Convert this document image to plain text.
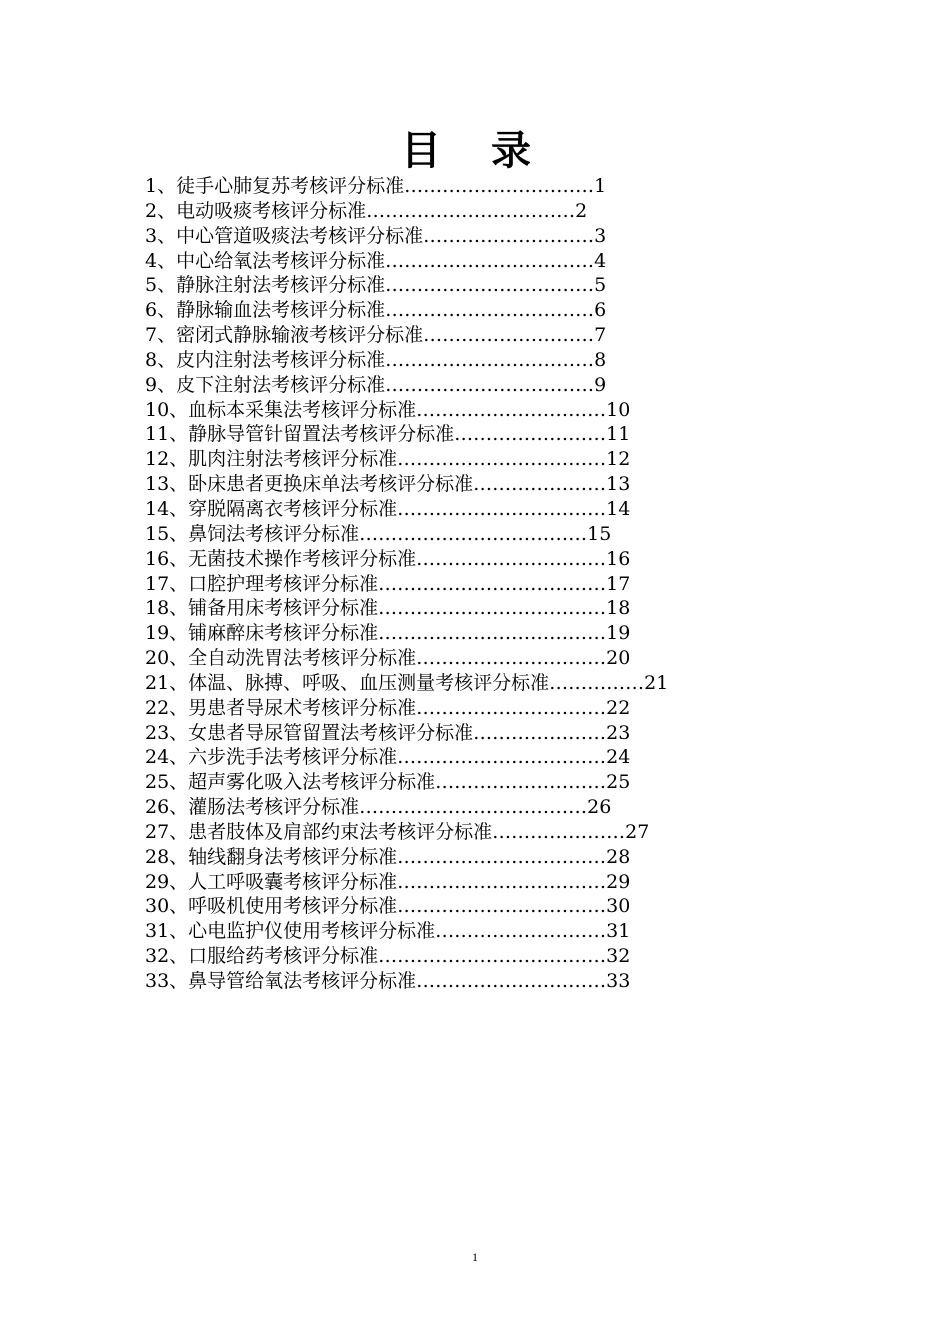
目 录
1、徒手心肺复苏考核评分标准…………………………1
2、电动吸痰考核评分标准……………………………2
3、中心管道吸痰法考核评分标准………………………3
4、中心给氧法考核评分标准……………………………4
5、静脉注射法考核评分标准……………………………5
6、静脉输血法考核评分标准……………………………6
7、密闭式静脉输液考核评分标准………………………7
8、皮内注射法考核评分标准……………………………8
9、皮下注射法考核评分标准……………………………9
10、血标本采集法考核评分标准…………………………10
11、静脉导管针留置法考核评分标准……………………11
12、肌肉注射法考核评分标准……………………………12
13、卧床患者更换床单法考核评分标准…………………13
14、穿脱隔离衣考核评分标准……………………………14
15、鼻饲法考核评分标准………………………………15
16、无菌技术操作考核评分标准…………………………16
17、口腔护理考核评分标准………………………………17
18、铺备用床考核评分标准………………………………18
19、铺麻醉床考核评分标准………………………………19
20、全自动洗胃法考核评分标准…………………………20
21、体温、脉搏、呼吸、血压测量考核评分标准……………21
22、男患者导尿术考核评分标准…………………………22
23、女患者导尿管留置法考核评分标准…………………23
24、六步洗手法考核评分标准……………………………24
25、超声雾化吸入法考核评分标准………………………25
26、灌肠法考核评分标准………………………………26
27、患者肢体及肩部约束法考核评分标准…………………27
28、轴线翻身法考核评分标准……………………………28
29、人工呼吸囊考核评分标准……………………………29
30、呼吸机使用考核评分标准……………………………30
31、心电监护仪使用考核评分标准………………………31
32、口服给药考核评分标准………………………………32
33、鼻导管给氧法考核评分标准…………………………33
1
